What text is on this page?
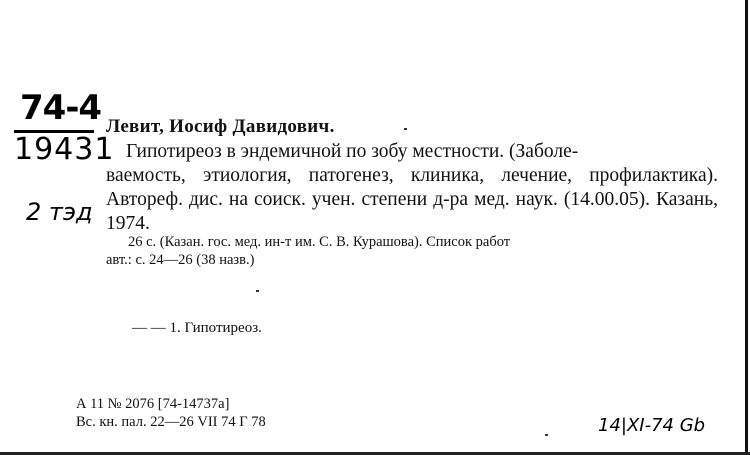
74-4
19431
2 тэд
Левит, Иосиф Давидович.
Гипотиреоз в эндемичной по зобу местности. (Заболе-
ваемость, этиология, патогенез, клиника, лечение, профилактика). Автореф. дис. на соиск. учен. степени д-ра мед. наук. (14.00.05). Казань, 1974.
26 с. (Казан. гос. мед. ин-т им. С. В. Курашова). Список работ
авт.: с. 24—26 (38 назв.)
— — 1. Гипотиреоз.
А 11 № 2076 [74-14737а]
Вс. кн. пал. 22—26 VII 74 Г 78	14|XI-74 Gb
